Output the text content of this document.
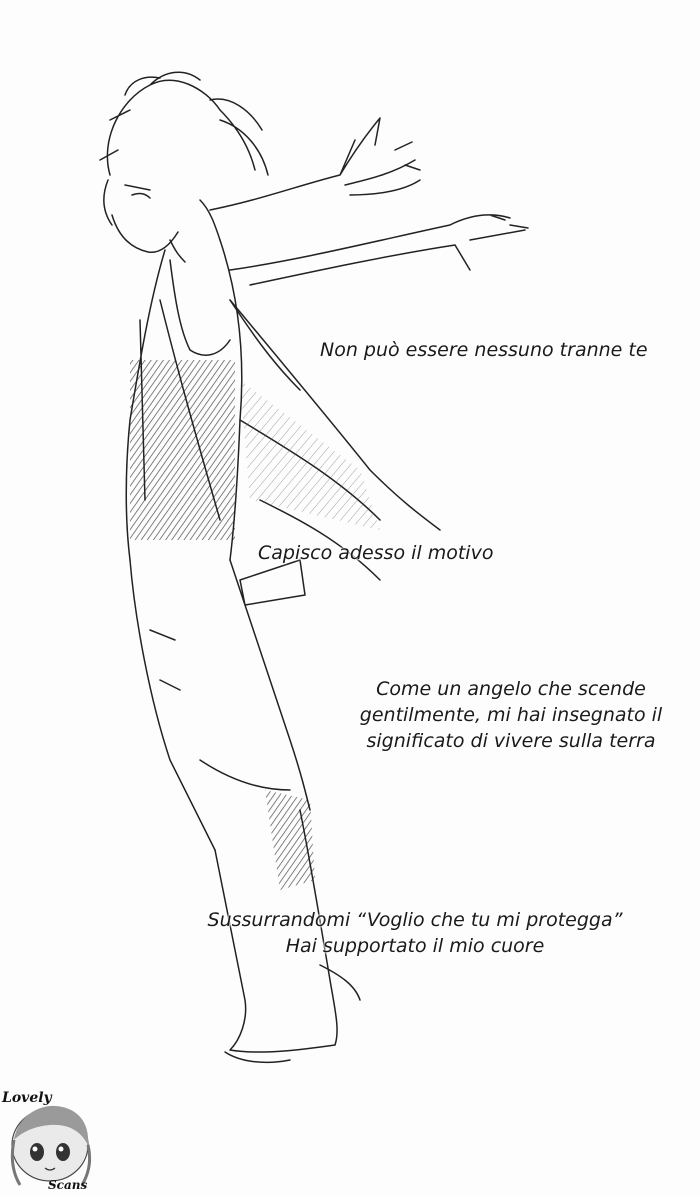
Non può essere nessuno tranne te
Capisco adesso il motivo
Come un angelo che scende
gentilmente, mi hai insegnato il
significato di vivere sulla terra
Sussurrandomi “Voglio che tu mi protegga”
Hai supportato il mio cuore
Lovely
Scans
